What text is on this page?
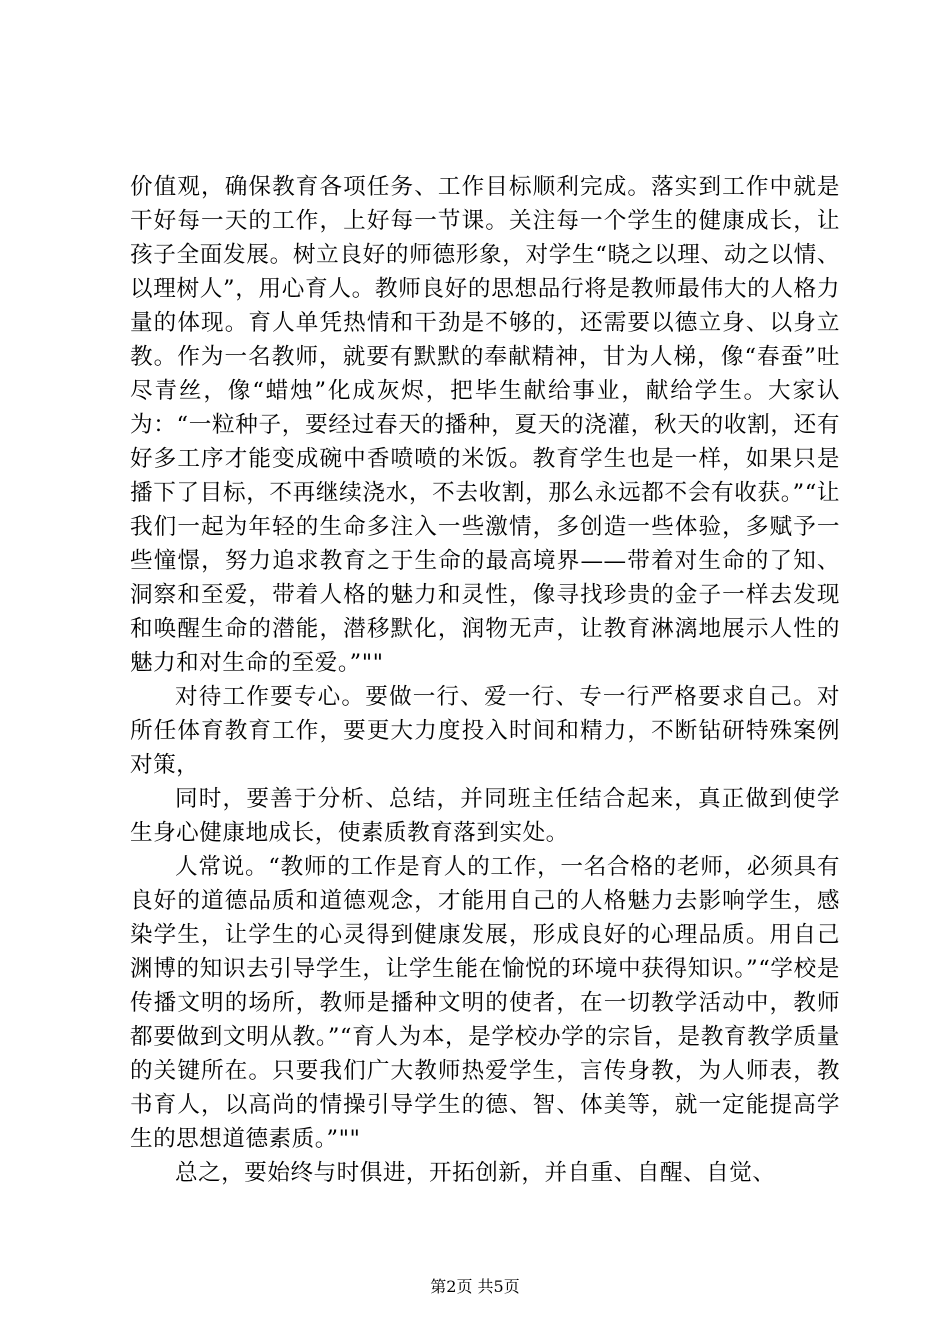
价值观，确保教育各项任务、工作目标顺利完成。落实到工作中就是干好每一天的工作，上好每一节课。关注每一个学生的健康成长，让孩子全面发展。树立良好的师德形象，对学生“晓之以理、动之以情、以理树人”，用心育人。教师良好的思想品行将是教师最伟大的人格力量的体现。育人单凭热情和干劲是不够的，还需要以德立身、以身立教。作为一名教师，就要有默默的奉献精神，甘为人梯，像“春蚕”吐尽青丝，像“蜡烛”化成灰烬，把毕生献给事业，献给学生。大家认为：“一粒种子，要经过春天的播种，夏天的浇灌，秋天的收割，还有好多工序才能变成碗中香喷喷的米饭。教育学生也是一样，如果只是播下了目标，不再继续浇水，不去收割，那么永远都不会有收获。”“让我们一起为年轻的生命多注入一些激情，多创造一些体验，多赋予一些憧憬，努力追求教育之于生命的最高境界——带着对生命的了知、洞察和至爱，带着人格的魅力和灵性，像寻找珍贵的金子一样去发现和唤醒生命的潜能，潜移默化，润物无声，让教育淋漓地展示人性的魅力和对生命的至爱。”""

对待工作要专心。要做一行、爱一行、专一行严格要求自己。对所任体育教育工作，要更大力度投入时间和精力，不断钻研特殊案例对策，

同时，要善于分析、总结，并同班主任结合起来，真正做到使学生身心健康地成长，使素质教育落到实处。

人常说。“教师的工作是育人的工作，一名合格的老师，必须具有良好的道德品质和道德观念，才能用自己的人格魅力去影响学生，感染学生，让学生的心灵得到健康发展，形成良好的心理品质。用自己渊博的知识去引导学生，让学生能在愉悦的环境中获得知识。”“学校是传播文明的场所，教师是播种文明的使者，在一切教学活动中，教师都要做到文明从教。”“育人为本，是学校办学的宗旨，是教育教学质量的关键所在。只要我们广大教师热爱学生，言传身教，为人师表，教书育人，以高尚的情操引导学生的德、智、体美等，就一定能提高学生的思想道德素质。”""

总之，要始终与时俱进，开拓创新，并自重、自醒、自觉、

第2页 共5页
